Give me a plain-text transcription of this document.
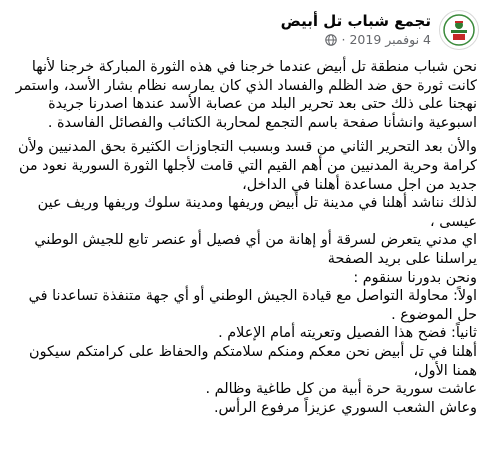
تجمع شباب تل أبيض
4 نوفمبر 2019
·

نحن شباب منطقة تل أبيض عندما خرجنا في هذه الثورة المباركة خرجنا لأنها كانت ثورة حق ضد الظلم والفساد الذي كان يمارسه نظام بشار الأسد، واستمر نهجنا على ذلك حتى بعد تحرير البلد من عصابة الأسد عندها اصدرنا جريدة اسبوعية وانشأنا صفحة باسم التجمع لمحاربة الكتائب والفصائل الفاسدة .

والأن بعد التحرير الثاني من قسد وبسبب التجاوزات الكثيرة بحق المدنيين ولأن كرامة وحرية المدنيين من أهم القيم التي قامت لأجلها الثورة السورية نعود من جديد من اجل مساعدة أهلنا في الداخل،

لذلك نناشد أهلنا في مدينة تل أبيض وريفها ومدينة سلوك وريفها وريف عين عيسى ،

اي مدني يتعرض لسرقة أو إهانة من أي فصيل أو عنصر تابع للجيش الوطني يراسلنا على بريد الصفحة

ونحن بدورنا سنقوم :

اولاً: محاولة التواصل مع قيادة الجيش الوطني أو أي جهة متنفذة تساعدنا في حل الموضوع .

ثانياً: فضح هذا الفصيل وتعريته أمام الإعلام .

أهلنا في تل أبيض نحن معكم ومنكم سلامتكم والحفاظ على كرامتكم سيكون همنا الأول،

عاشت سورية حرة أبية من كل طاغية وظالم .

وعاش الشعب السوري عزيزاً مرفوع الرأس.
